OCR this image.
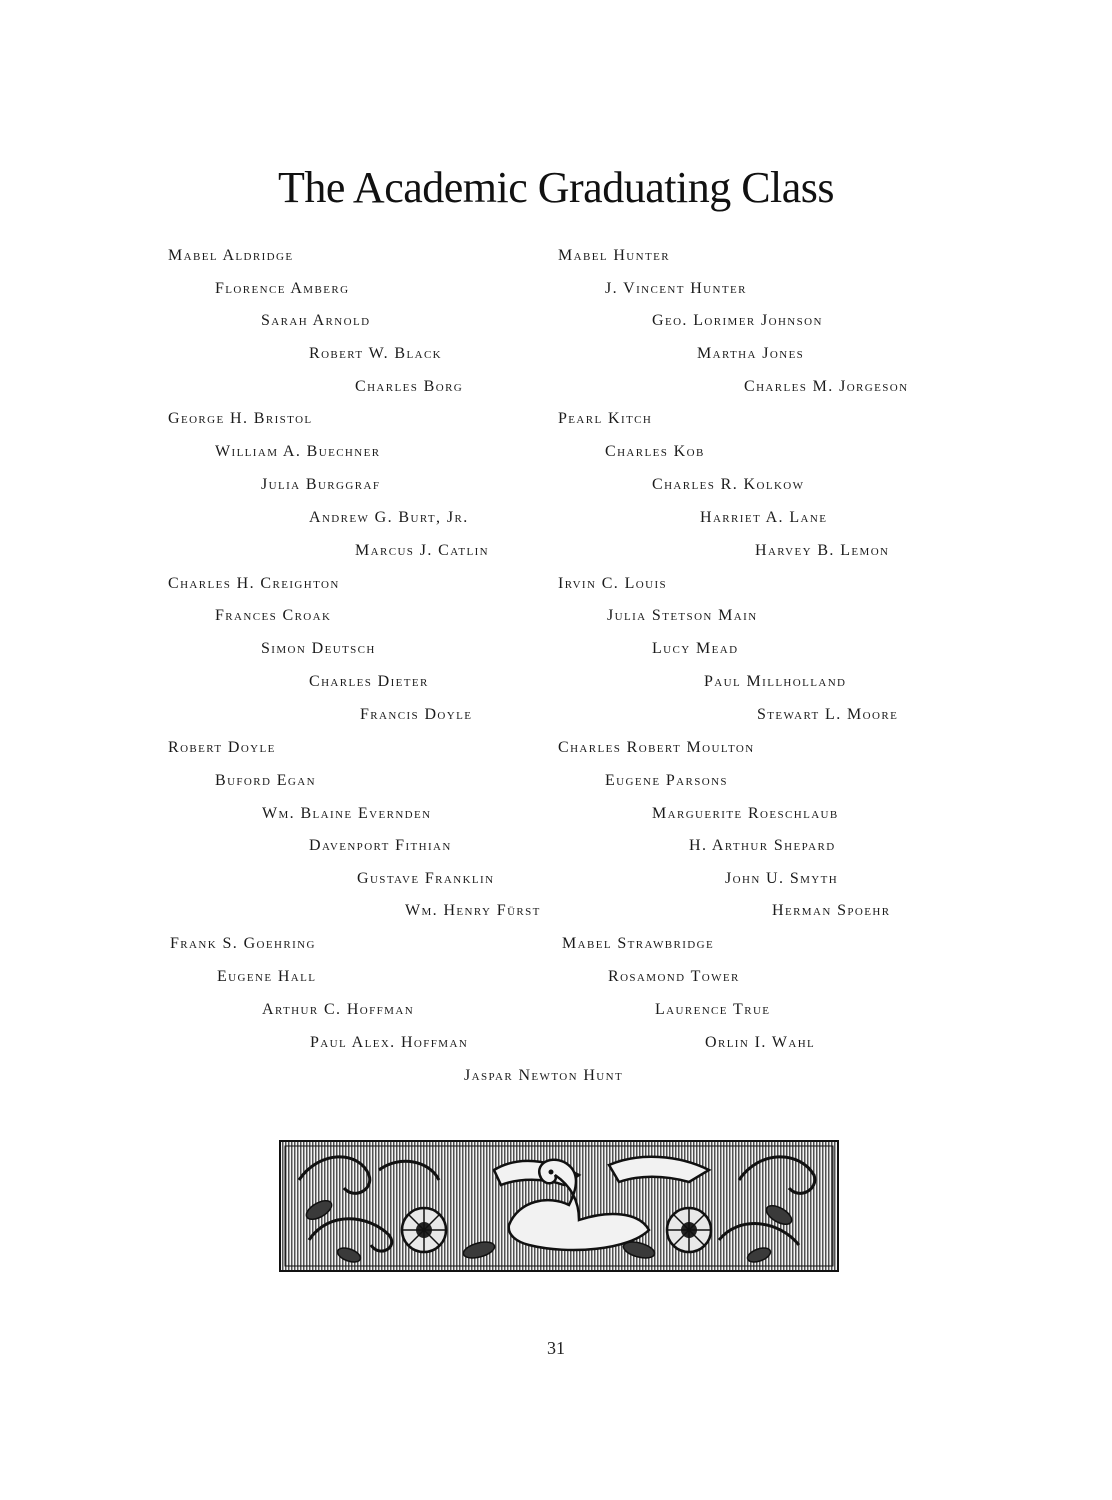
The Academic Graduating Class
Mabel Aldridge
Florence Amberg
Sarah Arnold
Robert W. Black
Charles Borg
George H. Bristol
William A. Buechner
Julia Burggraf
Andrew G. Burt, Jr.
Marcus J. Catlin
Charles H. Creighton
Frances Croak
Simon Deutsch
Charles Dieter
Francis Doyle
Robert Doyle
Buford Egan
Wm. Blaine Evernden
Davenport Fithian
Gustave Franklin
Wm. Henry Fürst
Frank S. Goehring
Eugene Hall
Arthur C. Hoffman
Paul Alex. Hoffman
Jaspar Newton Hunt
Mabel Hunter
J. Vincent Hunter
Geo. Lorimer Johnson
Martha Jones
Charles M. Jorgeson
Pearl Kitch
Charles Kob
Charles R. Kolkow
Harriet A. Lane
Harvey B. Lemon
Irvin C. Louis
Julia Stetson Main
Lucy Mead
Paul Millholland
Stewart L. Moore
Charles Robert Moulton
Eugene Parsons
Marguerite Roeschlaub
H. Arthur Shepard
John U. Smyth
Herman Spoehr
Mabel Strawbridge
Rosamond Tower
Laurence True
Orlin I. Wahl
31
